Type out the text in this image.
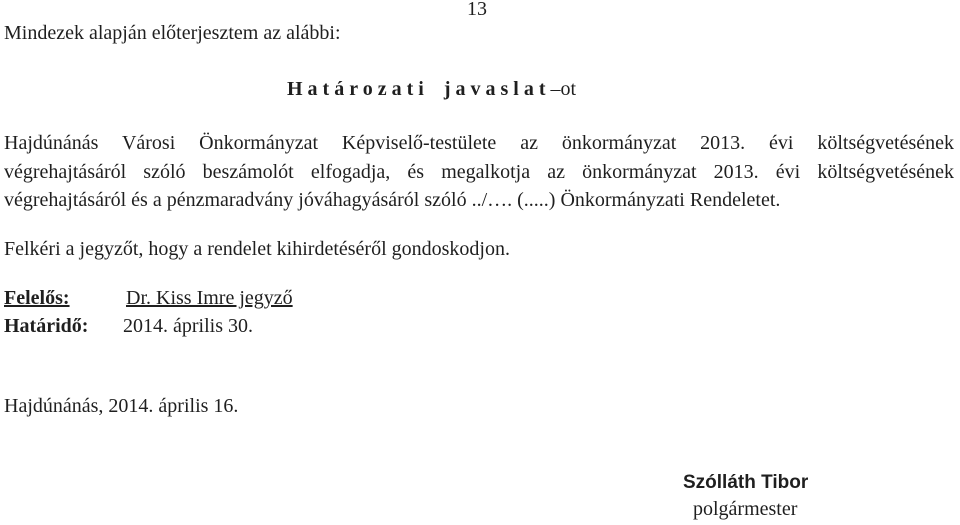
13
Mindezek alapján előterjesztem az alábbi:
H a t á r o z a t i    j a v a s l a t –ot
Hajdúnánás Városi Önkormányzat Képviselő-testülete az önkormányzat 2013. évi költségvetésének
végrehajtásáról szóló beszámolót elfogadja, és megalkotja az önkormányzat 2013. évi költségvetésének
végrehajtásáról és a pénzmaradvány jóváhagyásáról szóló ../…. (.....) Önkormányzati Rendeletet.
Felkéri a jegyzőt, hogy a rendelet kihirdetéséről gondoskodjon.
Felelős:	Dr. Kiss Imre jegyző
Határidő: 2014. április 30.
Hajdúnánás, 2014. április 16.
Szólláth Tibor
polgármester
